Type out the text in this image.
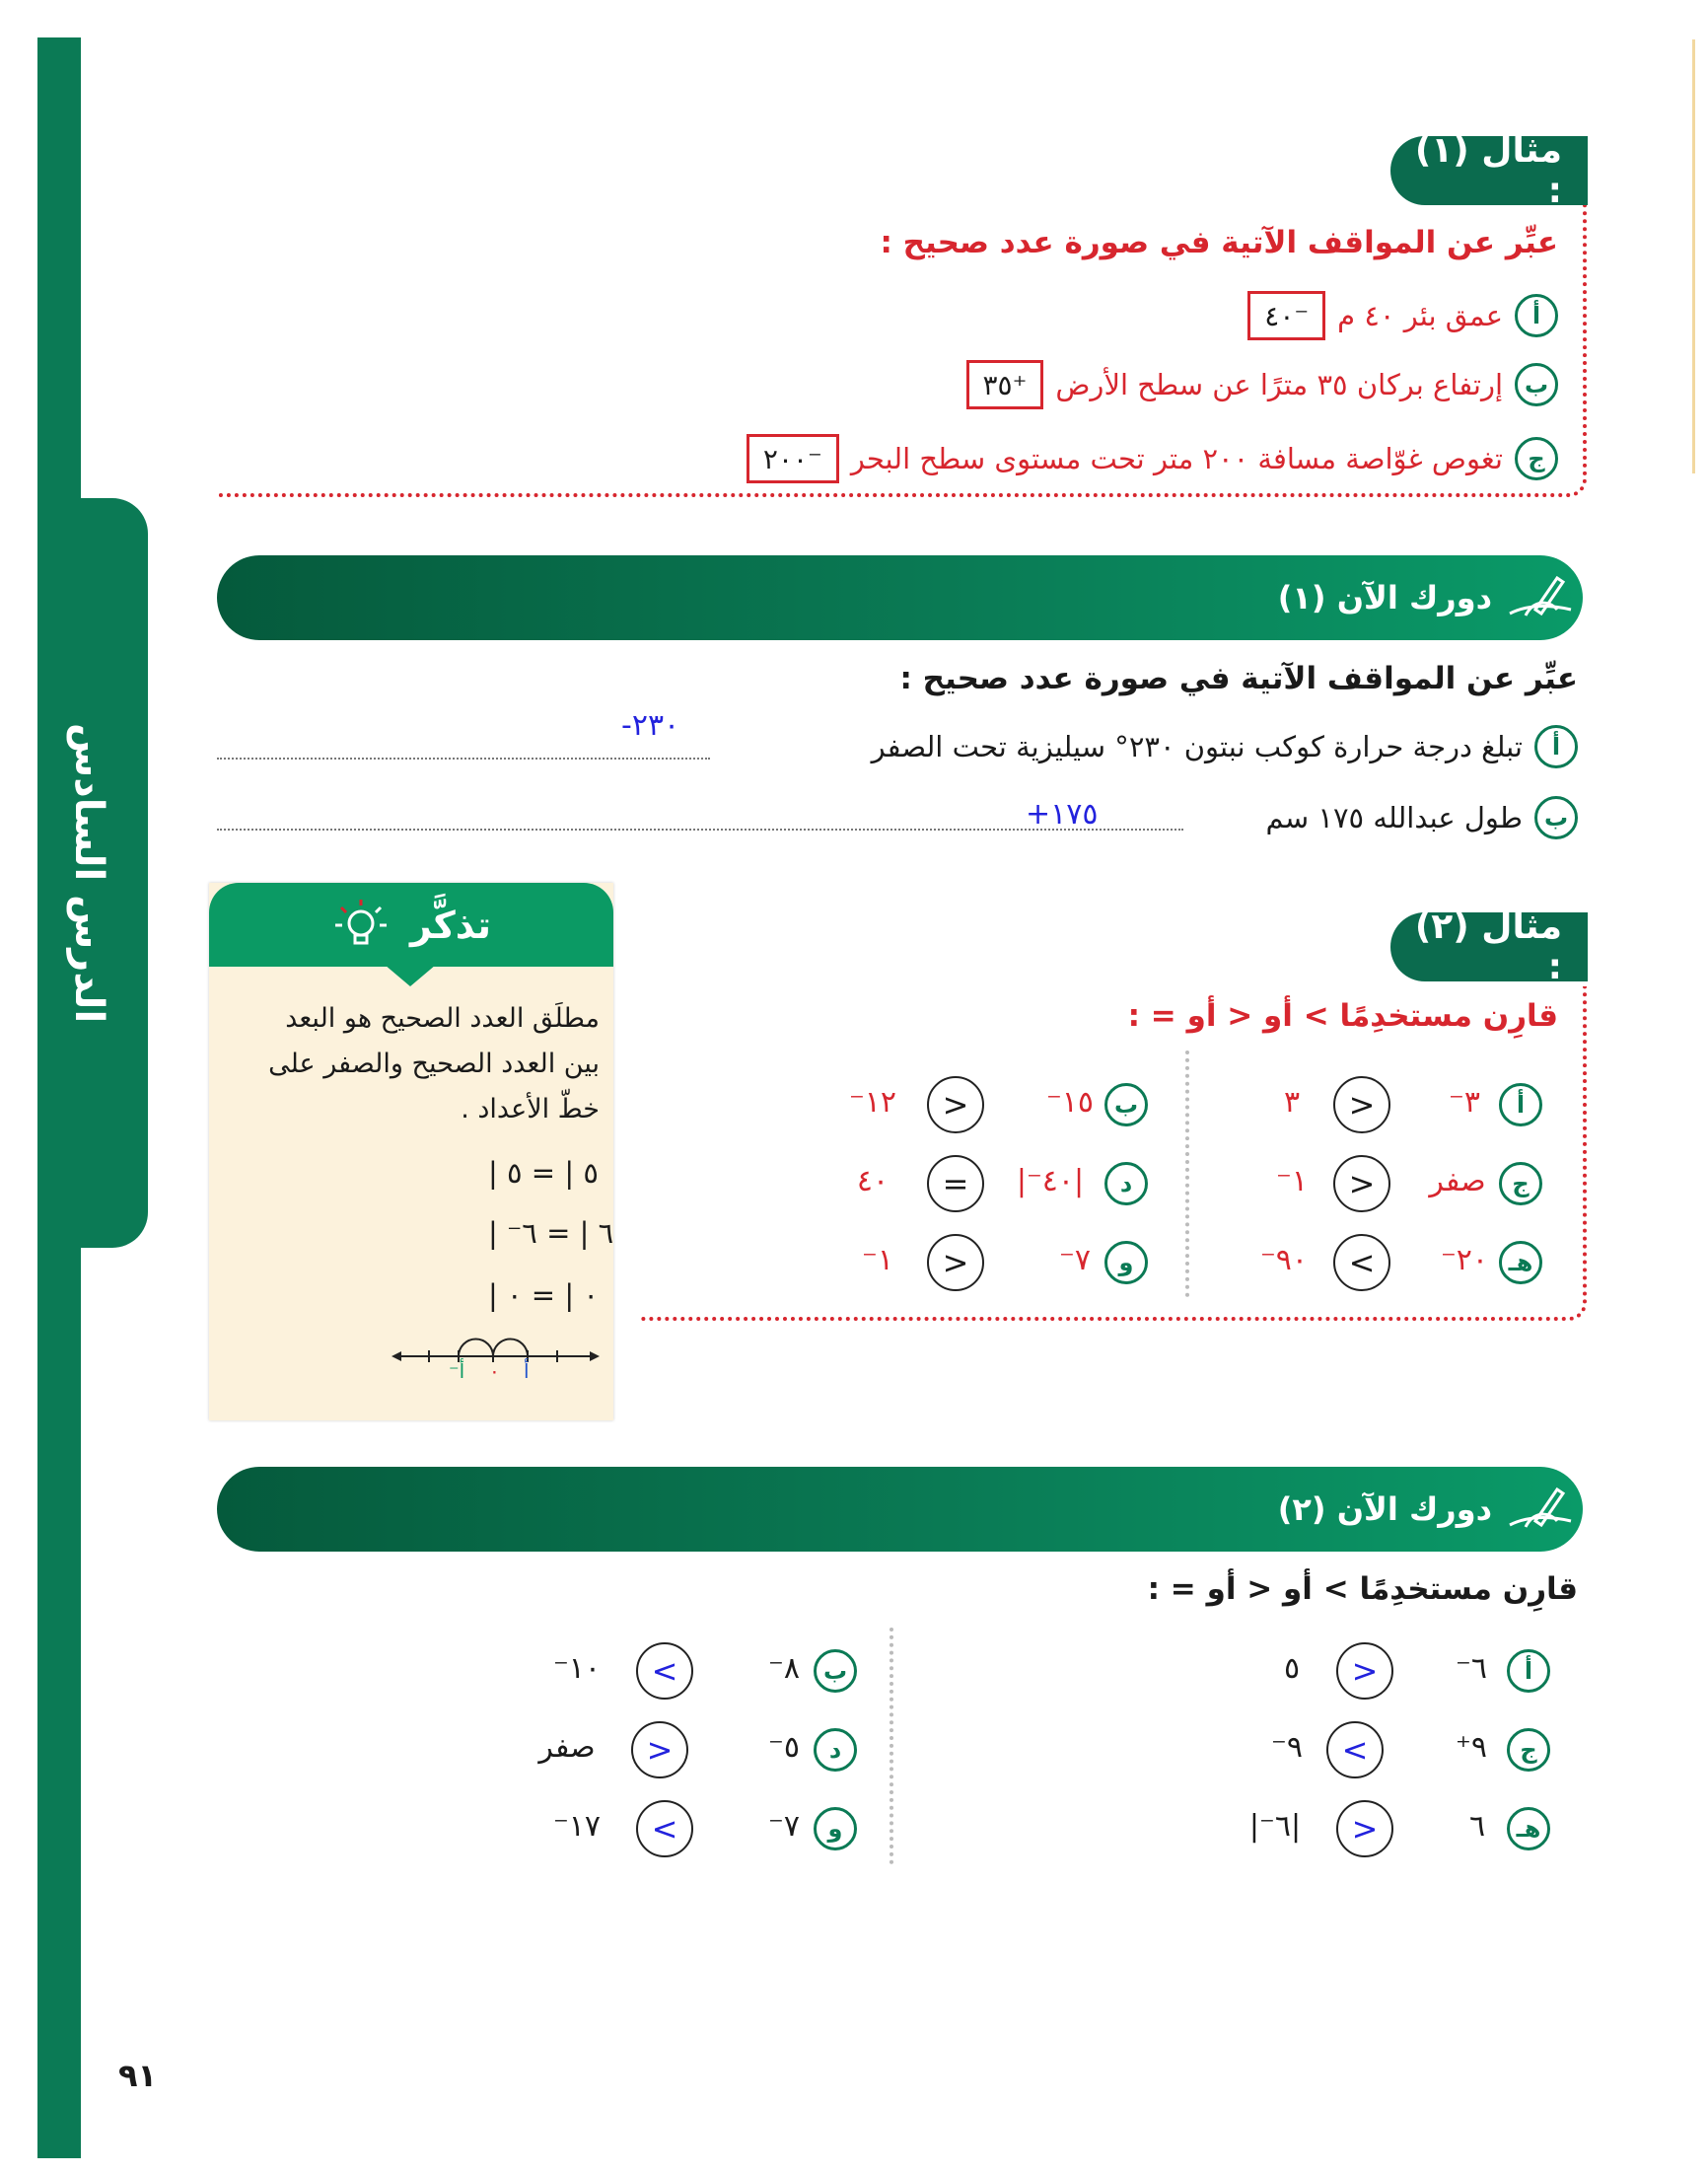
الدرس السادس
مثال (١) :
عبِّر عن المواقف الآتية في صورة عدد صحيح :
أ
عمق بئر ٤٠ م
⁻٤٠
ب
إرتفاع بركان ٣٥ مترًا عن سطح الأرض
⁺٣٥
ج
تغوص غوّاصة مسافة ٢٠٠ متر تحت مستوى سطح البحر
⁻٢٠٠
دورك الآن (١)
عبِّر عن المواقف الآتية في صورة عدد صحيح :
أ
تبلغ درجة حرارة كوكب نبتون ٢٣٠° سيليزية تحت الصفر
-٢٣٠
ب
طول عبدالله ١٧٥ سم
+١٧٥
تذكَّر
مطلَق العدد الصحيح هو البعد بين العدد الصحيح والصفر على خطّ الأعداد .
| ٥ | = ٥
| ⁻٦ | = ٦
| ٠ | = ٠
⁻أ ٠ أ
مثال (٢) :
قارِن مستخدِمًا > أو < أو = :
أ
⁻٣
>
٣
ج
صفر
>
⁻١
هـ
⁻٢٠
<
⁻٩٠
ب
⁻١٥
>
⁻١٢
د
|⁻٤٠|
=
٤٠
و
⁻٧
>
⁻١
دورك الآن (٢)
قارِن مستخدِمًا > أو < أو = :
أ
⁻٦
>
٥
ج
⁺٩
<
⁻٩
هـ
٦
>
|⁻٦|
ب
⁻٨
<
⁻١٠
د
⁻٥
>
صفر
و
⁻٧
<
⁻١٧
٩١
